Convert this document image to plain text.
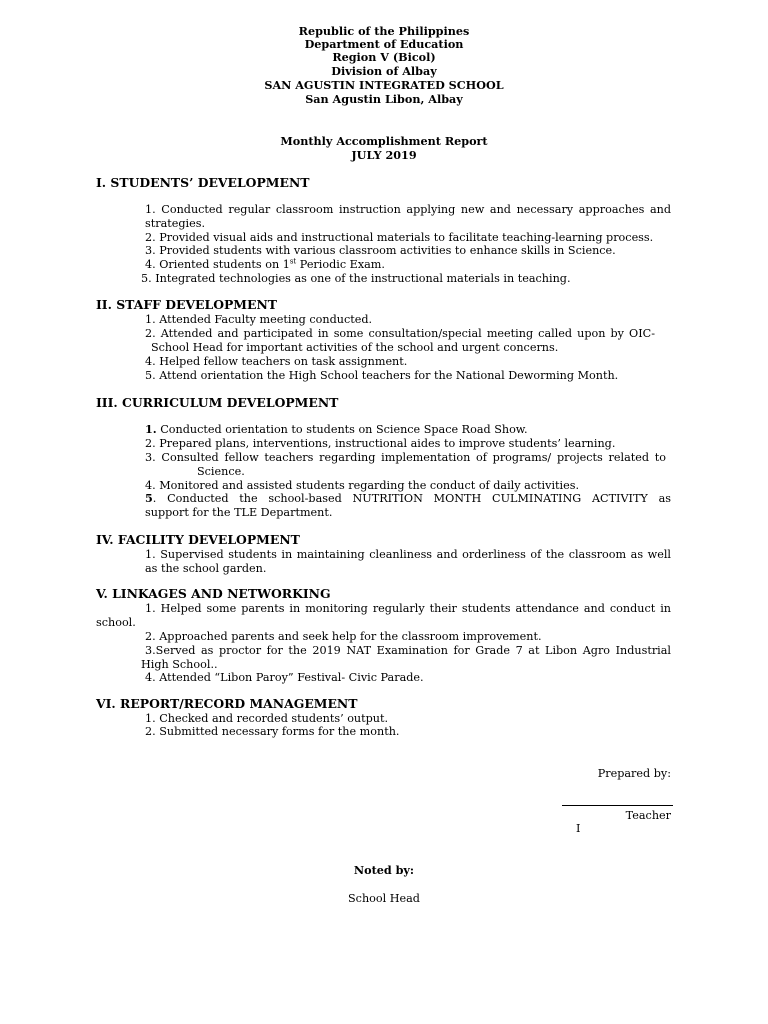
Republic of the Philippines
Department of Education
Region V (Bicol)
Division of Albay
SAN AGUSTIN INTEGRATED SCHOOL
San Agustin Libon, Albay
Monthly Accomplishment Report
JULY 2019
I. STUDENTS’ DEVELOPMENT
1. Conducted regular classroom instruction applying new and necessary approaches and
strategies.
2. Provided visual aids and instructional materials to facilitate teaching-learning process.
3. Provided students with various classroom activities to enhance skills in Science.
4. Oriented students on 1st Periodic Exam.
5. Integrated technologies as one of the instructional materials in teaching.
II. STAFF DEVELOPMENT
1. Attended Faculty meeting conducted.
2. Attended and participated in some consultation/special meeting called upon by OIC-
School Head for important activities of the school and urgent concerns.
4. Helped fellow teachers on task assignment.
5. Attend orientation the High School teachers for the National Deworming Month.
III. CURRICULUM DEVELOPMENT
1. Conducted orientation to students on Science Space Road Show.
2. Prepared plans, interventions, instructional aides to improve students’ learning.
3. Consulted fellow teachers regarding implementation of programs/ projects related to
Science.
4. Monitored and assisted students regarding the conduct of daily activities.
5. Conducted the school-based NUTRITION MONTH CULMINATING ACTIVITY as
support for the TLE Department.
IV. FACILITY DEVELOPMENT
1. Supervised students in maintaining cleanliness and orderliness of the classroom as well
as the school garden.
V. LINKAGES AND NETWORKING
1. Helped some parents in monitoring regularly their students attendance and conduct in
school.
2. Approached parents and seek help for the classroom improvement.
3.Served as proctor for the 2019 NAT Examination for Grade 7 at Libon Agro Industrial
High School..
4. Attended “Libon Paroy” Festival- Civic Parade.
VI. REPORT/RECORD MANAGEMENT
1. Checked and recorded students’ output.
2. Submitted necessary forms for the month.
Prepared by:
Teacher
I
Noted by:
School Head
